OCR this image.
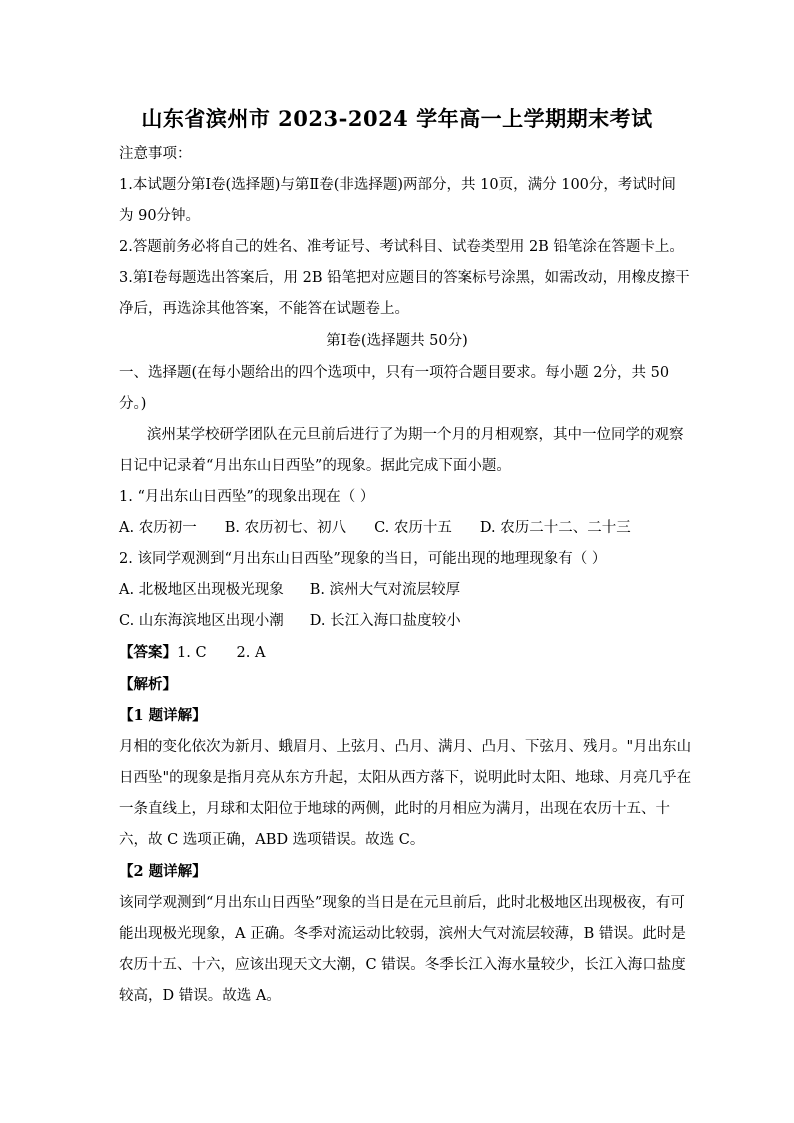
山东省滨州市 2023-2024 学年高一上学期期末考试
注意事项：
1.本试题分第Ⅰ卷(选择题)与第Ⅱ卷(非选择题)两部分，共 10页，满分 100分，考试时间
为 90分钟。
2.答题前务必将自己的姓名、准考证号、考试科目、试卷类型用 2B 铅笔涂在答题卡上。
3.第Ⅰ卷每题选出答案后，用 2B 铅笔把对应题目的答案标号涂黑，如需改动，用橡皮擦干
净后，再选涂其他答案，不能答在试题卷上。
第Ⅰ卷(选择题共 50分)
一、选择题(在每小题给出的四个选项中，只有一项符合题目要求。每小题 2分，共 50
分。)
滨州某学校研学团队在元旦前后进行了为期一个月的月相观察，其中一位同学的观察
日记中记录着“月出东山日西坠”的现象。据此完成下面小题。
1. “月出东山日西坠”的现象出现在（ ）
A. 农历初一 B. 农历初七、初八 C. 农历十五 D. 农历二十二、二十三
2. 该同学观测到“月出东山日西坠”现象的当日，可能出现的地理现象有（ ）
A. 北极地区出现极光现象 B. 滨州大气对流层较厚
C. 山东海滨地区出现小潮 D. 长江入海口盐度较小
【答案】1. C 2. A
【解析】
【1 题详解】
月相的变化依次为新月、蛾眉月、上弦月、凸月、满月、凸月、下弦月、残月。"月出东山
日西坠"的现象是指月亮从东方升起，太阳从西方落下，说明此时太阳、地球、月亮几乎在
一条直线上，月球和太阳位于地球的两侧，此时的月相应为满月，出现在农历十五、十
六，故 C 选项正确，ABD 选项错误。故选 C。
【2 题详解】
该同学观测到“月出东山日西坠”现象的当日是在元旦前后，此时北极地区出现极夜，有可
能出现极光现象，A 正确。冬季对流运动比较弱，滨州大气对流层较薄，B 错误。此时是
农历十五、十六，应该出现天文大潮，C 错误。冬季长江入海水量较少，长江入海口盐度
较高，D 错误。故选 A。
